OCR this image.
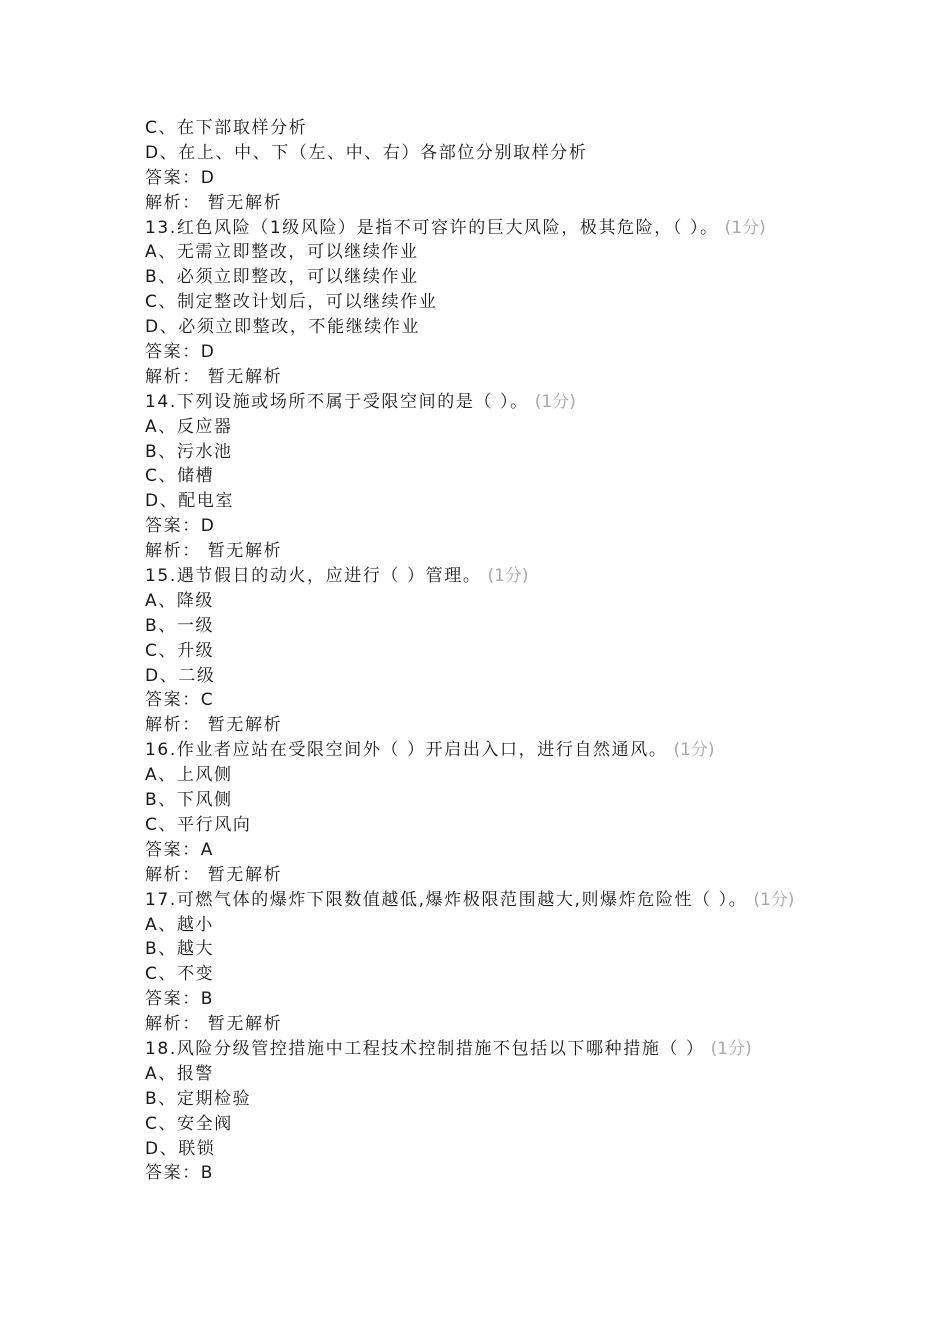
C、在下部取样分析
D、在上、中、下（左、中、右）各部位分别取样分析
答案：D
解析： 暂无解析
13.红色风险（1级风险）是指不可容许的巨大风险，极其危险，（ ）。 (1分)
A、无需立即整改，可以继续作业
B、必须立即整改，可以继续作业
C、制定整改计划后，可以继续作业
D、必须立即整改，不能继续作业
答案：D
解析： 暂无解析
14.下列设施或场所不属于受限空间的是（ ）。 (1分)
A、反应器
B、污水池
C、储槽
D、配电室
答案：D
解析： 暂无解析
15.遇节假日的动火，应进行（ ）管理。 (1分)
A、降级
B、一级
C、升级
D、二级
答案：C
解析： 暂无解析
16.作业者应站在受限空间外（ ）开启出入口，进行自然通风。 (1分)
A、上风侧
B、下风侧
C、平行风向
答案：A
解析： 暂无解析
17.可燃气体的爆炸下限数值越低,爆炸极限范围越大,则爆炸危险性（ ）。 (1分)
A、越小
B、越大
C、不变
答案：B
解析： 暂无解析
18.风险分级管控措施中工程技术控制措施不包括以下哪种措施（ ） (1分)
A、报警
B、定期检验
C、安全阀
D、联锁
答案：B
